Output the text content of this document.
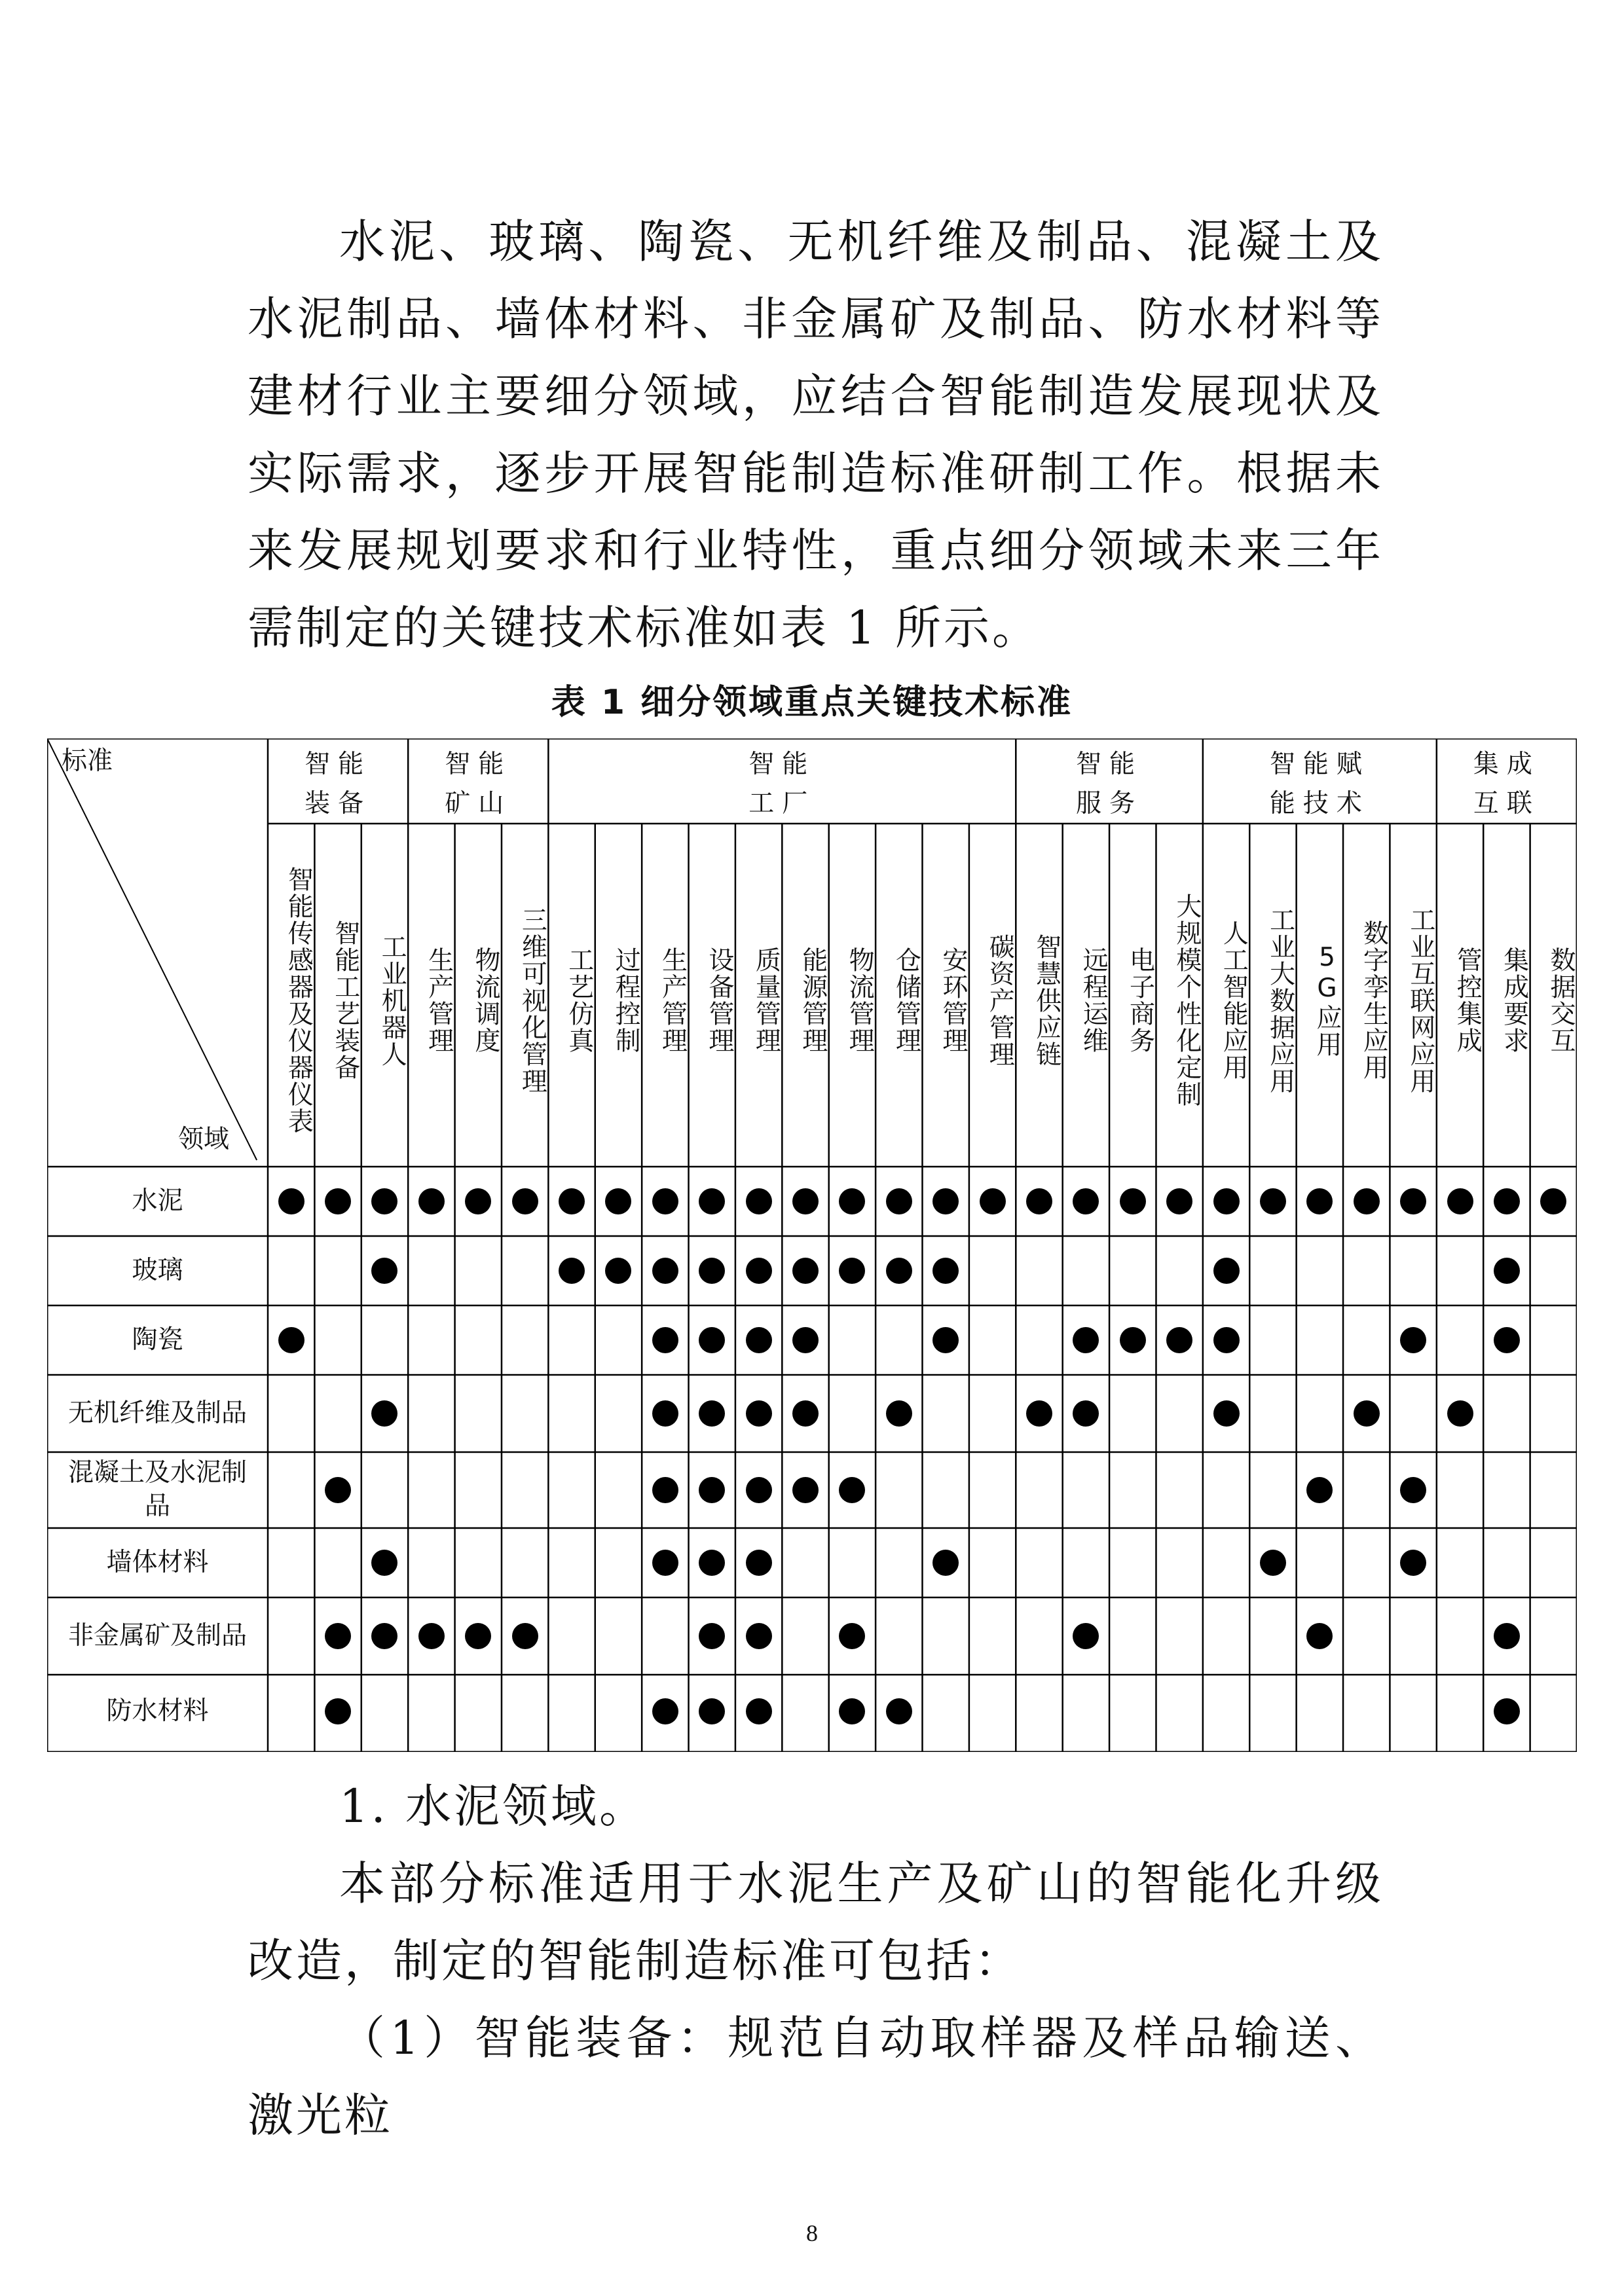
水泥、玻璃、陶瓷、无机纤维及制品、混凝土及水泥制品、墙体材料、非金属矿及制品、防水材料等建材行业主要细分领域，应结合智能制造发展现状及实际需求，逐步开展智能制造标准研制工作。根据未来发展规划要求和行业特性，重点细分领域未来三年需制定的关键技术标准如表 1 所示。

表 1 细分领域重点关键技术标准
标准
领域
智能
装备
智能
矿山
智能
工厂
智能
服务
智能赋
能技术
集成
互联
智能传感器及仪器仪表 智能工艺装备 工业机器人 生产管理 物流调度 三维可视化管理 工艺仿真 过程控制 生产管理 设备管理 质量管理 能源管理 物流管理 仓储管理 安环管理 碳资产管理 智慧供应链 远程运维 电子商务 大规模个性化定制 人工智能应用 工业大数据应用 5G应用 数字孪生应用 工业互联网应用 管控集成 集成要求 数据交互
水泥
玻璃
陶瓷
无机纤维及制品
混凝土及水泥制品
墙体材料
非金属矿及制品
防水材料

1. 水泥领域。

本部分标准适用于水泥生产及矿山的智能化升级改造，制定的智能制造标准可包括：

（1）智能装备：规范自动取样器及样品输送、激光粒

8
